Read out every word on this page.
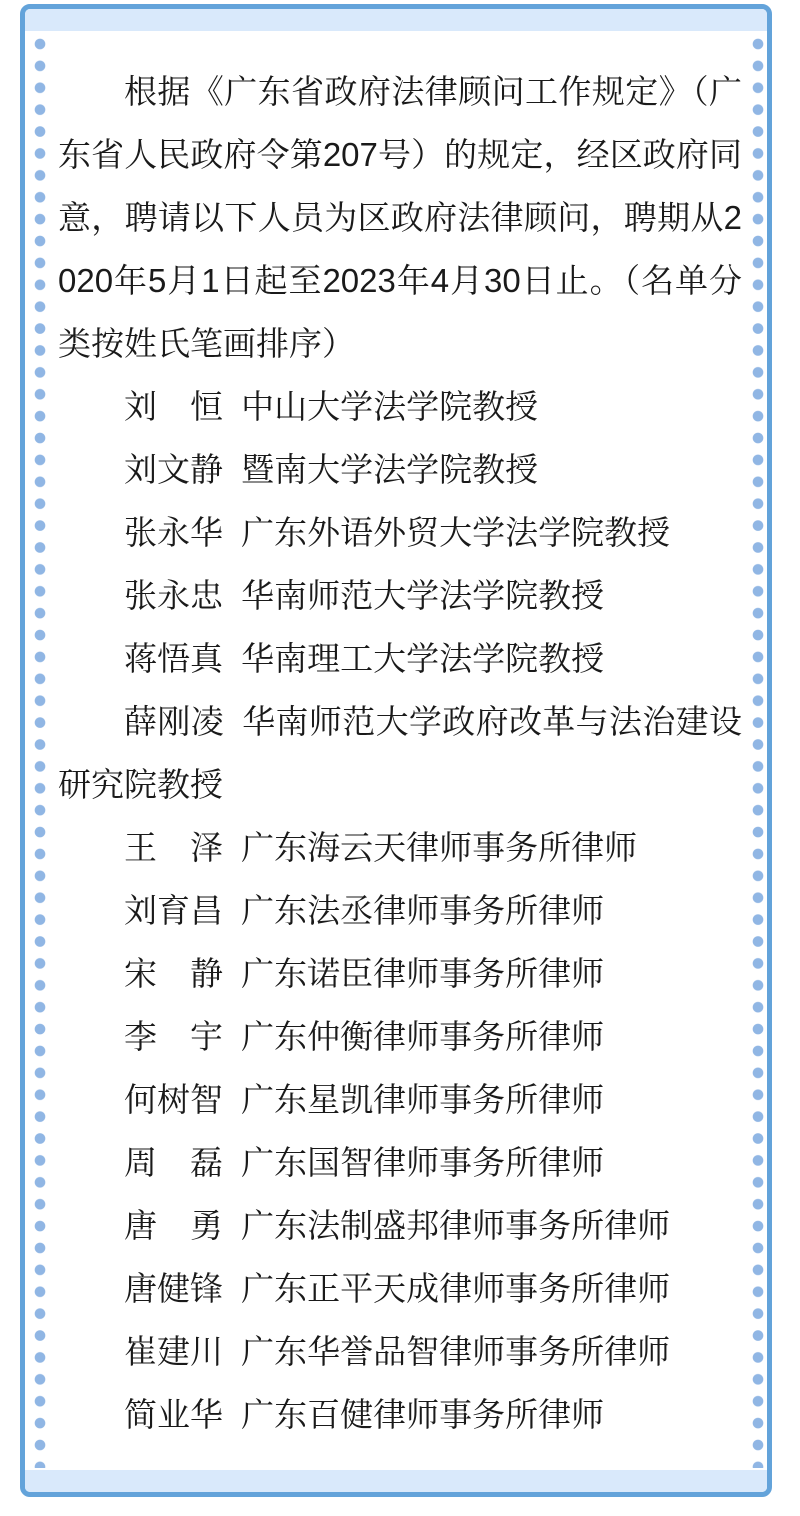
根据《广东省政府法律顾问工作规定》（广东省人民政府令第207号）的规定，经区政府同意，聘请以下人员为区政府法律顾问，聘期从2020年5月1日起至2023年4月30日止。（名单分类按姓氏笔画排序）

刘　恒 中山大学法学院教授

刘文静 暨南大学法学院教授

张永华 广东外语外贸大学法学院教授

张永忠 华南师范大学法学院教授

蒋悟真 华南理工大学法学院教授

薛刚凌 华南师范大学政府改革与法治建设研究院教授

王　泽 广东海云天律师事务所律师

刘育昌 广东法丞律师事务所律师

宋　静 广东诺臣律师事务所律师

李　宇 广东仲衡律师事务所律师

何树智 广东星凯律师事务所律师

周　磊 广东国智律师事务所律师

唐　勇 广东法制盛邦律师事务所律师

唐健锋 广东正平天成律师事务所律师

崔建川 广东华誉品智律师事务所律师

简业华 广东百健律师事务所律师
